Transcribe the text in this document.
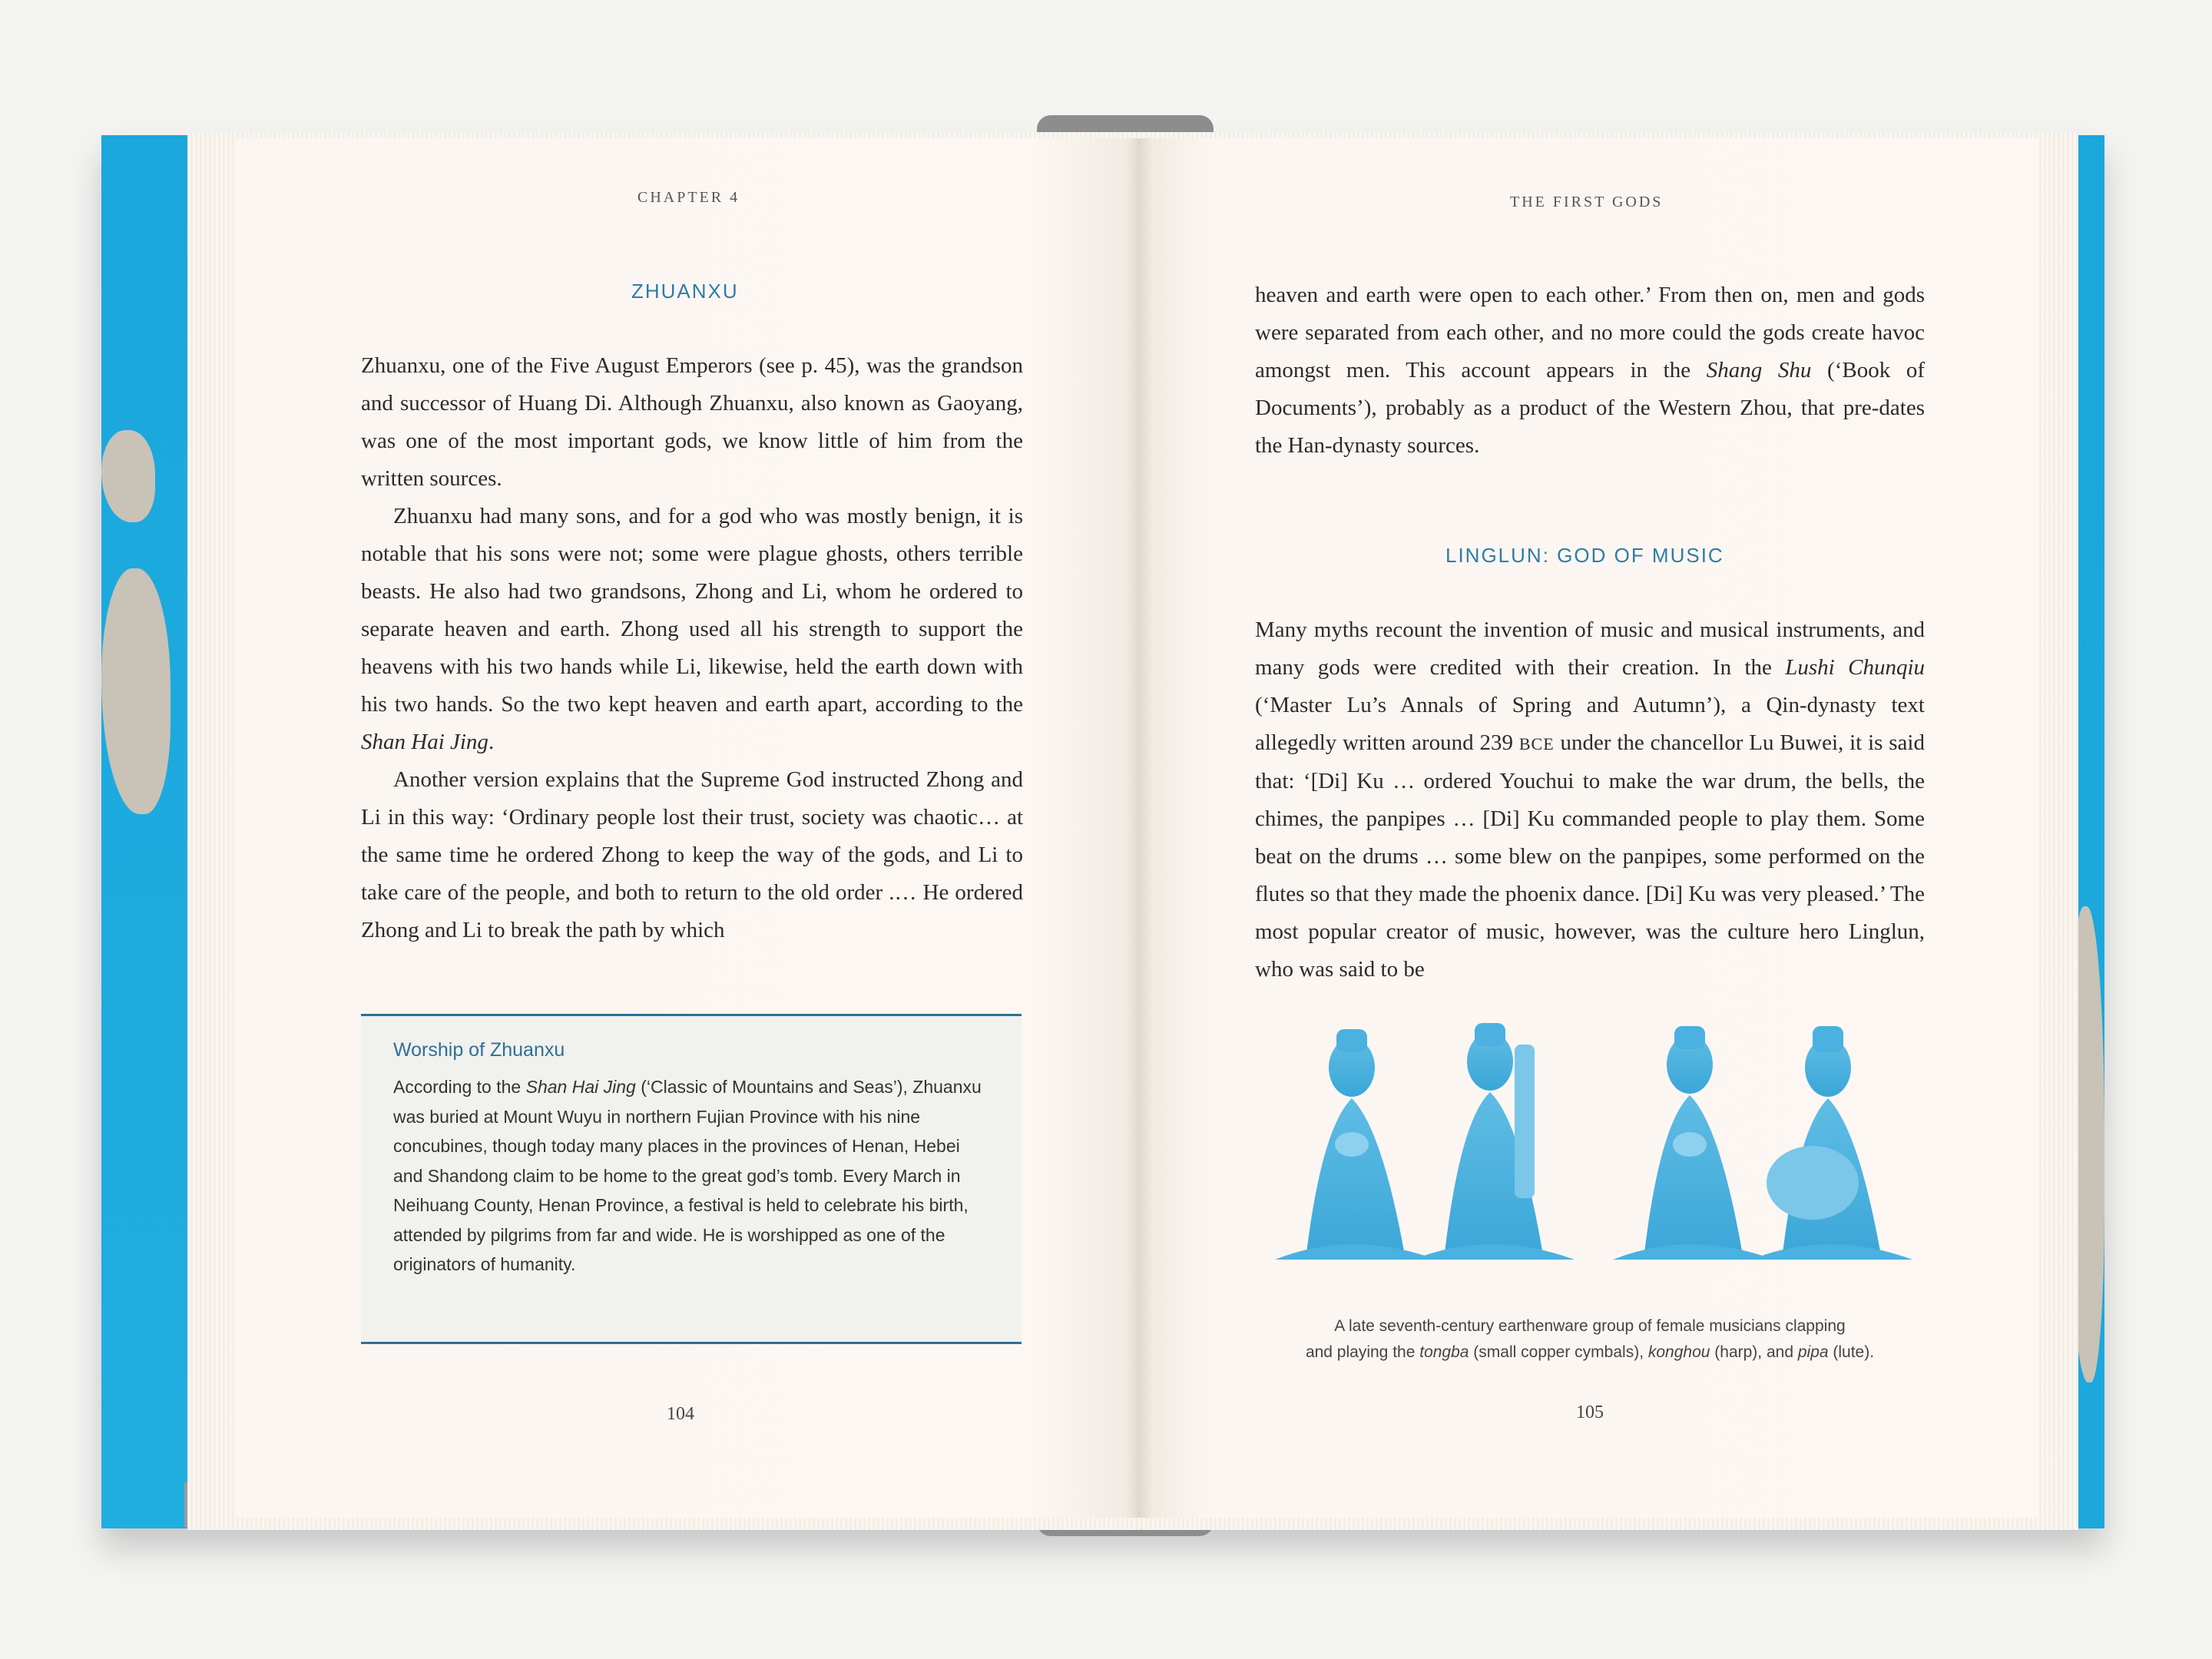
CHAPTER 4
ZHUANXU

Zhuanxu, one of the Five August Emperors (see p. 45), was the grandson and successor of Huang Di. Although Zhuanxu, also known as Gaoyang, was one of the most important gods, we know little of him from the written sources.

Zhuanxu had many sons, and for a god who was mostly benign, it is notable that his sons were not; some were plague ghosts, others terrible beasts. He also had two grandsons, Zhong and Li, whom he ordered to separate heaven and earth. Zhong used all his strength to support the heavens with his two hands while Li, likewise, held the earth down with his two hands. So the two kept heaven and earth apart, according to the Shan Hai Jing.

Another version explains that the Supreme God instructed Zhong and Li in this way: ‘Ordinary people lost their trust, society was chaotic… at the same time he ordered Zhong to keep the way of the gods, and Li to take care of the people, and both to return to the old order .… He ordered Zhong and Li to break the path by which

Worship of Zhuanxu

According to the Shan Hai Jing (‘Classic of Mountains and Seas’), Zhuanxu was buried at Mount Wuyu in northern Fujian Province with his nine concubines, though today many places in the provinces of Henan, Hebei and Shandong claim to be home to the great god’s tomb. Every March in Neihuang County, Henan Province, a festival is held to celebrate his birth, attended by pilgrims from far and wide. He is worshipped as one of the originators of humanity.

104
THE FIRST GODS

heaven and earth were open to each other.’ From then on, men and gods were separated from each other, and no more could the gods create havoc amongst men. This account appears in the Shang Shu (‘Book of Documents’), probably as a product of the Western Zhou, that pre-dates the Han-dynasty sources.

LINGLUN: GOD OF MUSIC

Many myths recount the invention of music and musical instruments, and many gods were credited with their creation. In the Lushi Chunqiu (‘Master Lu’s Annals of Spring and Autumn’), a Qin-dynasty text allegedly written around 239 BCE under the chancellor Lu Buwei, it is said that: ‘[Di] Ku … ordered Youchui to make the war drum, the bells, the chimes, the panpipes … [Di] Ku commanded people to play them. Some beat on the drums … some blew on the panpipes, some performed on the flutes so that they made the phoenix dance. [Di] Ku was very pleased.’ The most popular creator of music, however, was the culture hero Linglun, who was said to be

A late seventh-century earthenware group of female musicians clapping

and playing the tongba (small copper cymbals), konghou (harp), and pipa (lute).

105
